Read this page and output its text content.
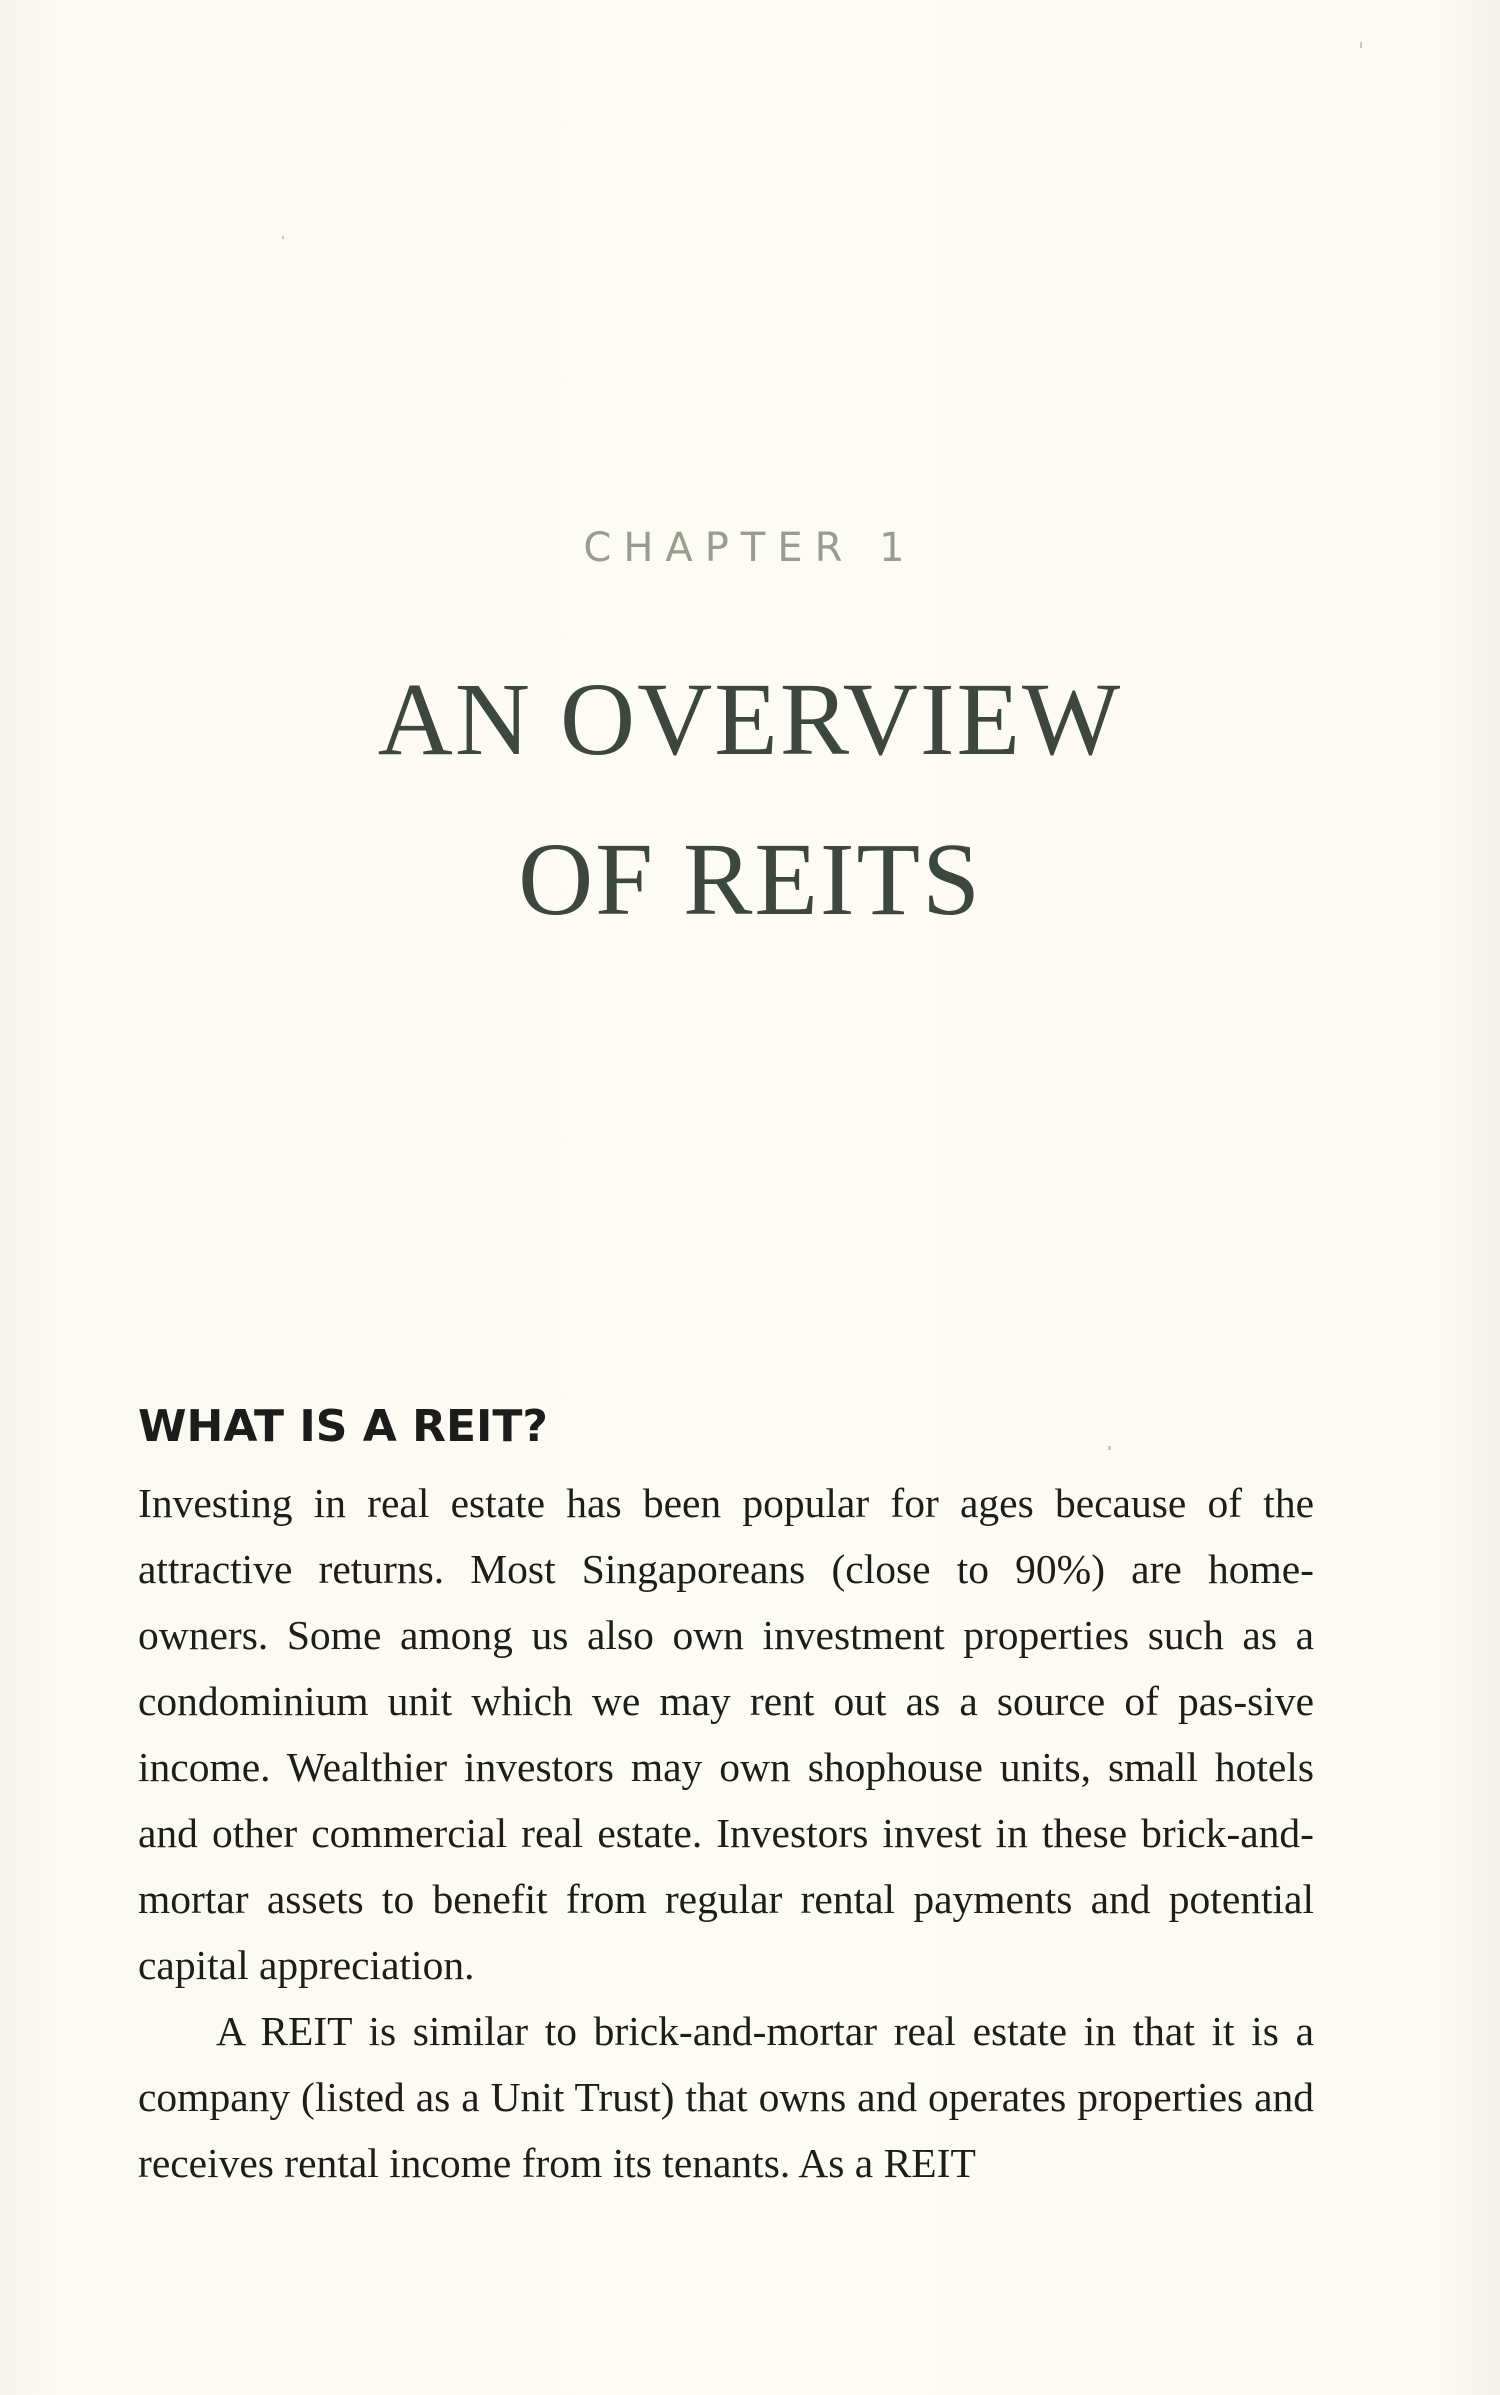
CHAPTER 1
AN OVERVIEW
OF REITS
WHAT IS A REIT?

Investing in real estate has been popular for ages because of the attractive returns. Most Singaporeans (close to 90%) are home-owners. Some among us also own investment properties such as a condominium unit which we may rent out as a source of pas-sive income. Wealthier investors may own shophouse units, small hotels and other commercial real estate. Investors invest in these brick-and-mortar assets to benefit from regular rental payments and potential capital appreciation.

A REIT is similar to brick-and-mortar real estate in that it is a company (listed as a Unit Trust) that owns and operates properties and receives rental income from its tenants. As a REIT
